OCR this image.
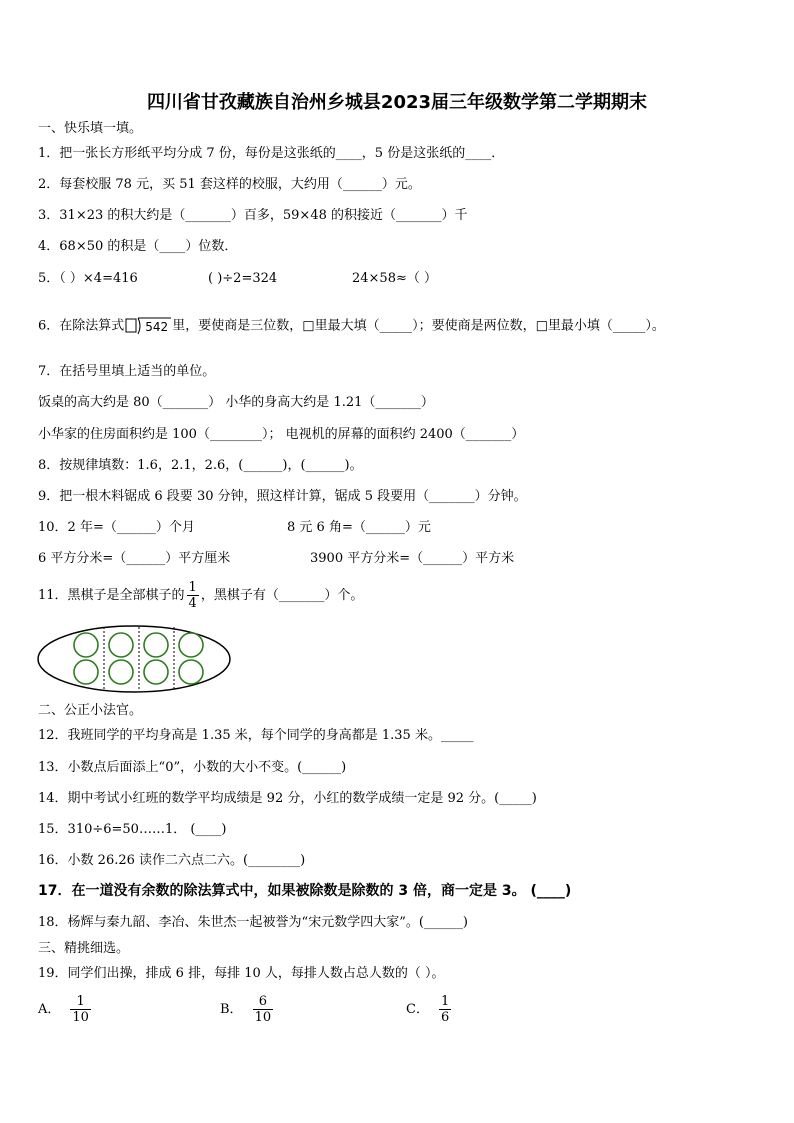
四川省甘孜藏族自治州乡城县2023届三年级数学第二学期期末
一、快乐填一填。
1．把一张长方形纸平均分成 7 份，每份是这张纸的____，5 份是这张纸的____．
2．每套校服 78 元，买 51 套这样的校服，大约用（______）元。
3．31×23 的积大约是（_______）百多，59×48 的积接近（_______）千
4．68×50 的积是（____）位数．
5．（ ）×4=416	( )÷2=324	24×58≈（ ）
6．在除法算式 542 里，要使商是三位数，□里最大填（_____）；要使商是两位数，□里最小填（_____）。
7．在括号里填上适当的单位。
饭桌的高大约是 80（_______） 小华的身高大约是 1.21（_______）
小华家的住房面积约是 100（________）； 电视机的屏幕的面积约 2400（_______）
8．按规律填数：1.6，2.1，2.6，(______)，(______)。
9．把一根木料锯成 6 段要 30 分钟，照这样计算，锯成 5 段要用（_______）分钟。
10．2 年=（______）个月	8 元 6 角=（______）元
6 平方分米=（______）平方厘米	3900 平方分米=（______）平方米
11．黑棋子是全部棋子的 $\frac{1}{4}$ ，黑棋子有（_______）个。
二、公正小法官。
12．我班同学的平均身高是 1.35 米，每个同学的身高都是 1.35 米。_____
13．小数点后面添上“0”，小数的大小不变。(______)
14．期中考试小红班的数学平均成绩是 92 分，小红的数学成绩一定是 92 分。(_____)
15．310÷6=50……1． (____)
16．小数 26.26 读作二六点二六。(________)
17．在一道没有余数的除法算式中，如果被除数是除数的 3 倍，商一定是 3。 (____)
18．杨辉与秦九韶、李冶、朱世杰一起被誉为“宋元数学四大家”。(______)
三、精挑细选。
19．同学们出操，排成 6 排，每排 10 人，每排人数占总人数的（ ）。
A． $\frac{1}{10}$	B． $\frac{6}{10}$	C． $\frac{1}{6}$
